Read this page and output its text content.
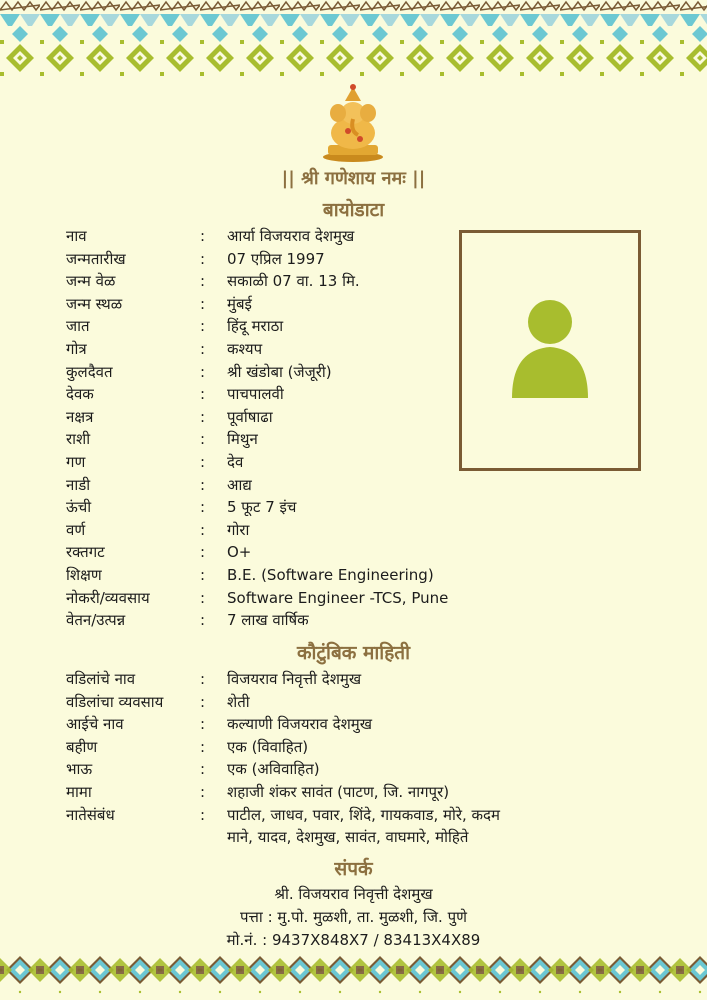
|| श्री गणेशाय नमः ||
बायोडाटा
नाव	: आर्या विजयराव देशमुख
जन्मतारीख	: 07 एप्रिल 1997
जन्म वेळ	: सकाळी 07 वा. 13 मि.
जन्म स्थळ	: मुंबई
जात	: हिंदू मराठा
गोत्र	: कश्यप
कुलदैवत	: श्री खंडोबा (जेजूरी)
देवक	: पाचपालवी
नक्षत्र	: पूर्वाषाढा
राशी	: मिथुन
गण	: देव
नाडी	: आद्य
ऊंची	: 5 फूट 7 इंच
वर्ण	: गोरा
रक्तगट	: O+
शिक्षण	: B.E. (Software Engineering)
नोकरी/व्यवसाय	: Software Engineer -TCS, Pune
वेतन/उत्पन्न	: 7 लाख वार्षिक
कौटुंबिक माहिती
वडिलांचे नाव	: विजयराव निवृत्ती देशमुख
वडिलांचा व्यवसाय : शेती
आईचे नाव	: कल्याणी विजयराव देशमुख
बहीण	: एक (विवाहित)
भाऊ	: एक (अविवाहित)
मामा	: शहाजी शंकर सावंत (पाटण, जि. नागपूर)
नातेसंबंध	: पाटील, जाधव, पवार, शिंदे, गायकवाड, मोरे, कदम
माने, यादव, देशमुख, सावंत, वाघमारे, मोहिते
संपर्क
श्री. विजयराव निवृत्ती देशमुख
पत्ता : मु.पो. मुळशी, ता. मुळशी, जि. पुणे
मो.नं. : 9437X848X7 / 83413X4X89
